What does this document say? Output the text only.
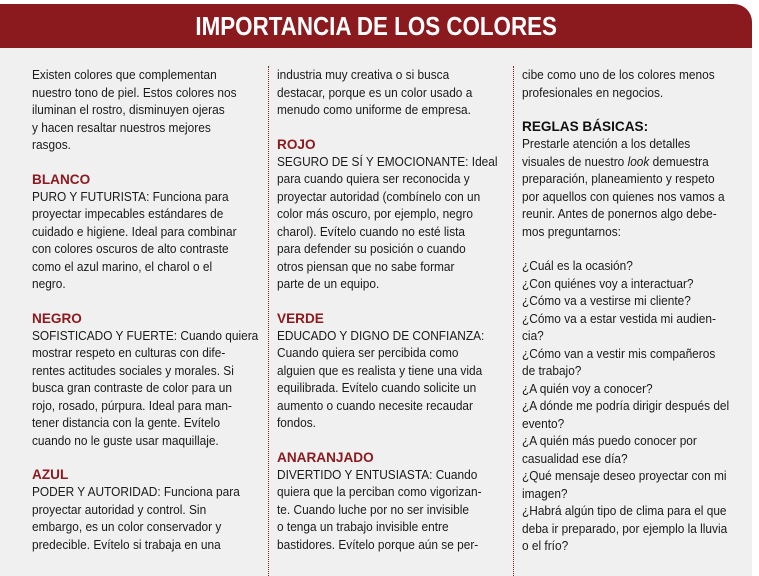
IMPORTANCIA DE LOS COLORES
Existen colores que complementan
nuestro tono de piel. Estos colores nos
iluminan el rostro, disminuyen ojeras
y hacen resaltar nuestros mejores
rasgos.
BLANCO
PURO Y FUTURISTA: Funciona para
proyectar impecables estándares de
cuidado e higiene. Ideal para combinar
con colores oscuros de alto contraste
como el azul marino, el charol o el
negro.
NEGRO
SOFISTICADO Y FUERTE: Cuando quiera
mostrar respeto en culturas con dife-
rentes actitudes sociales y morales. Si
busca gran contraste de color para un
rojo, rosado, púrpura. Ideal para man-
tener distancia con la gente. Evítelo
cuando no le guste usar maquillaje.
AZUL
PODER Y AUTORIDAD: Funciona para
proyectar autoridad y control. Sin
embargo, es un color conservador y
predecible. Evítelo si trabaja en una
industria muy creativa o si busca
destacar, porque es un color usado a
menudo como uniforme de empresa.
ROJO
SEGURO DE SÍ Y EMOCIONANTE: Ideal
para cuando quiera ser reconocida y
proyectar autoridad (combínelo con un
color más oscuro, por ejemplo, negro
charol). Evítelo cuando no esté lista
para defender su posición o cuando
otros piensan que no sabe formar
parte de un equipo.
VERDE
EDUCADO Y DIGNO DE CONFIANZA:
Cuando quiera ser percibida como
alguien que es realista y tiene una vida
equilibrada. Evítelo cuando solicite un
aumento o cuando necesite recaudar
fondos.
ANARANJADO
DIVERTIDO Y ENTUSIASTA: Cuando
quiera que la perciban como vigorizan-
te. Cuando luche por no ser invisible
o tenga un trabajo invisible entre
bastidores. Evítelo porque aún se per-
cibe como uno de los colores menos
profesionales en negocios.
REGLAS BÁSICAS:
Prestarle atención a los detalles
visuales de nuestro look demuestra
preparación, planeamiento y respeto
por aquellos con quienes nos vamos a
reunir. Antes de ponernos algo debe-
mos preguntarnos:
¿Cuál es la ocasión?
¿Con quiénes voy a interactuar?
¿Cómo va a vestirse mi cliente?
¿Cómo va a estar vestida mi audien-
cia?
¿Cómo van a vestir mis compañeros
de trabajo?
¿A quién voy a conocer?
¿A dónde me podría dirigir después del
evento?
¿A quién más puedo conocer por
casualidad ese día?
¿Qué mensaje deseo proyectar con mi
imagen?
¿Habrá algún tipo de clima para el que
deba ir preparado, por ejemplo la lluvia
o el frío?
